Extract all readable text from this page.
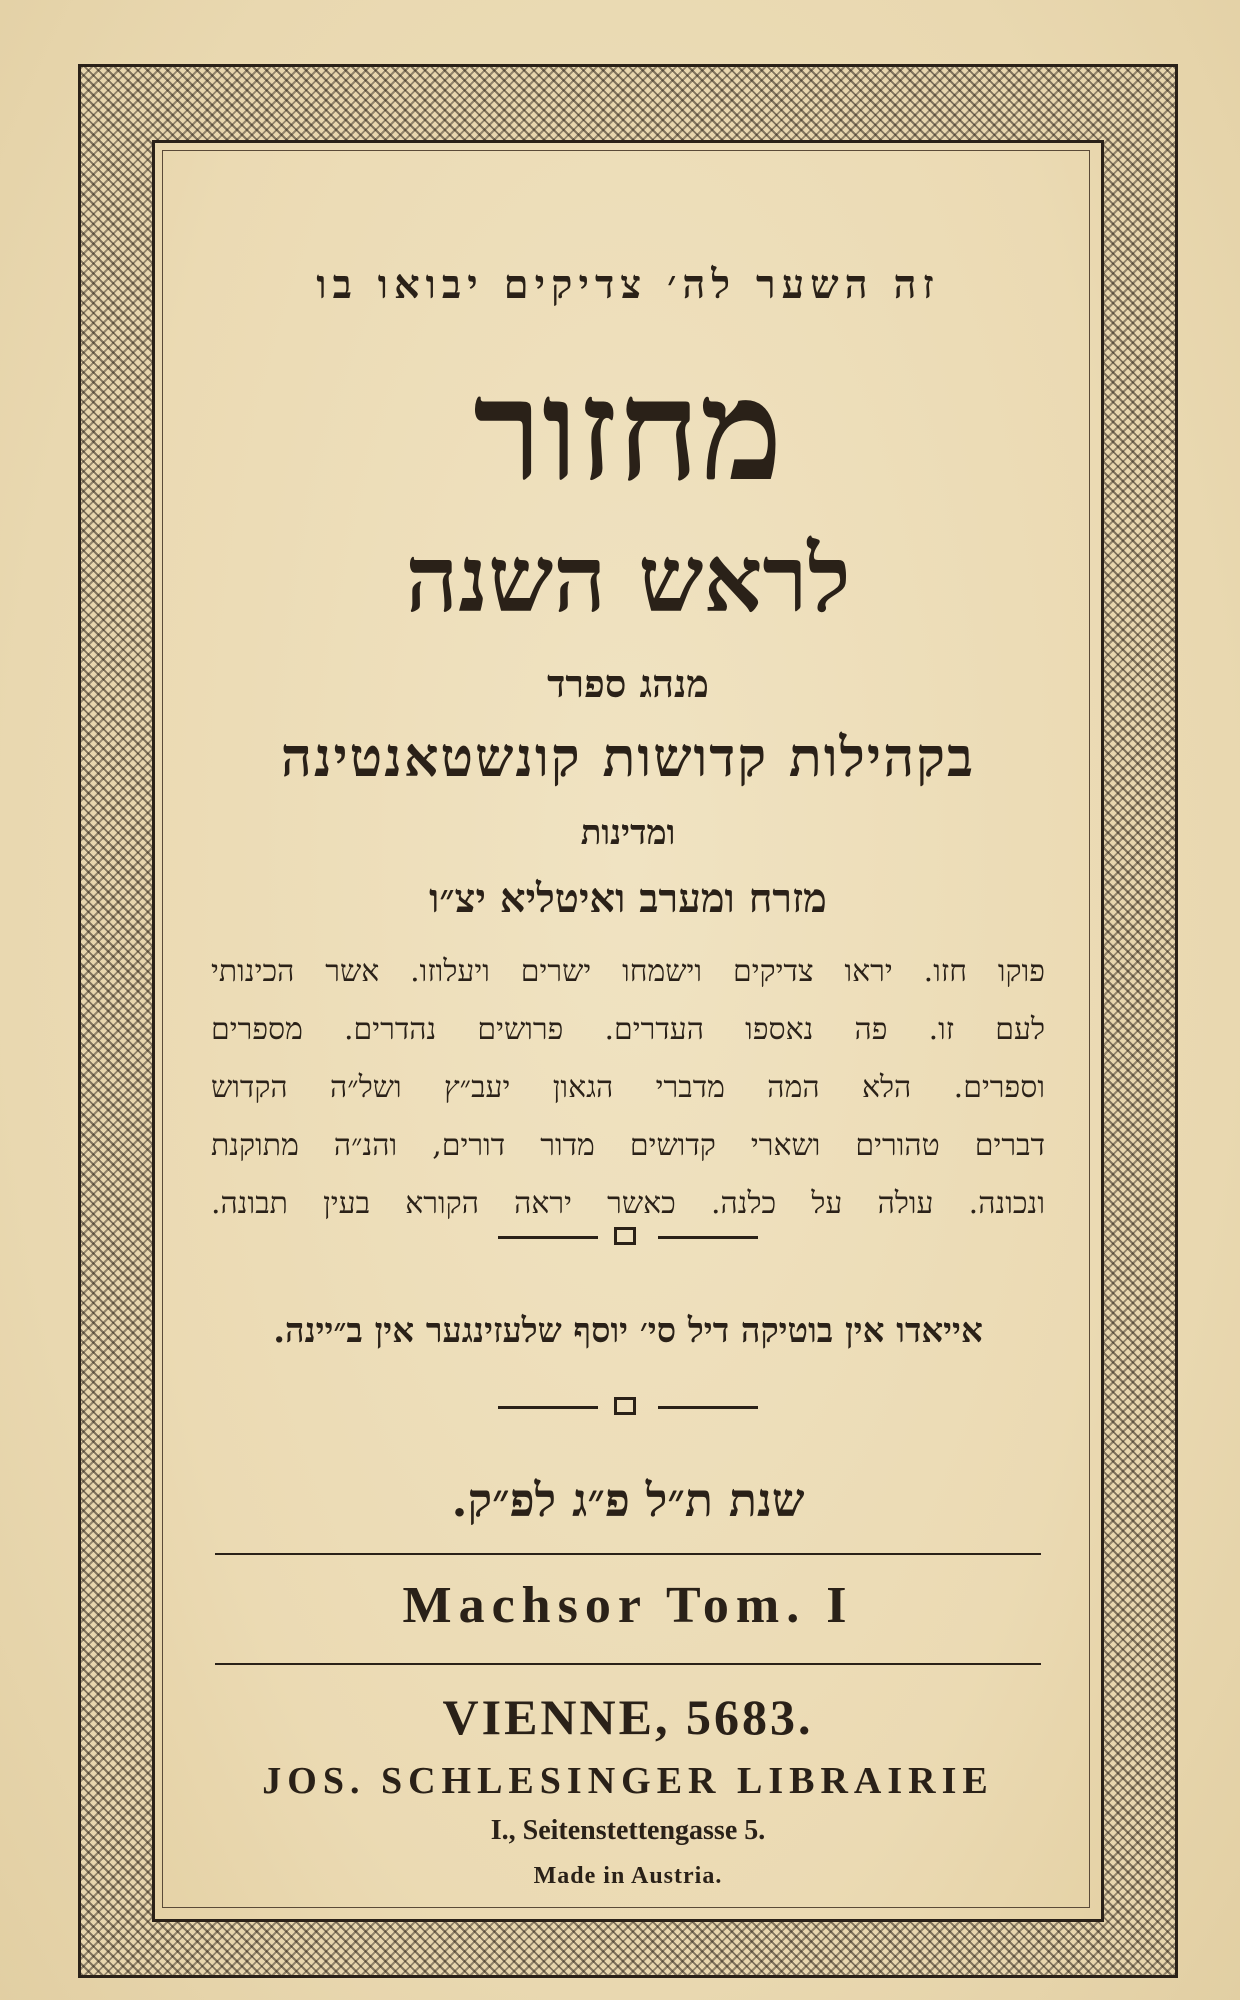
זה השער לה׳ צדיקים יבואו בו
מחזור
לראש השנה
מנהג ספרד
בקהילות קדושות קונשטאנטינה
ומדינות
מזרח ומערב ואיטליא יצ״ו
פוקו חזו. יראו צדיקים וישמחו ישרים ויעלוזו. אשר הכינותי
לעם זו. פה נאספו העדרים. פרושים נהדרים. מספרים
וספרים. הלא המה מדברי הגאון יעב״ץ ושל״ה הקדוש
דברים טהורים ושארי קדושים מדור דורים, והנ״ה מתוקנת
ונכונה. עולה על כלנה. כאשר יראה הקורא בעין תבונה.
אייאדו אין בוטיקה דיל סי׳ יוסף שלעזינגער אין ב״יינה.
שנת ת״ל פ״ג לפ״ק.
Machsor Tom. I
VIENNE, 5683.
JOS. SCHLESINGER LIBRAIRIE
I., Seitenstettengasse 5.
Made in Austria.
